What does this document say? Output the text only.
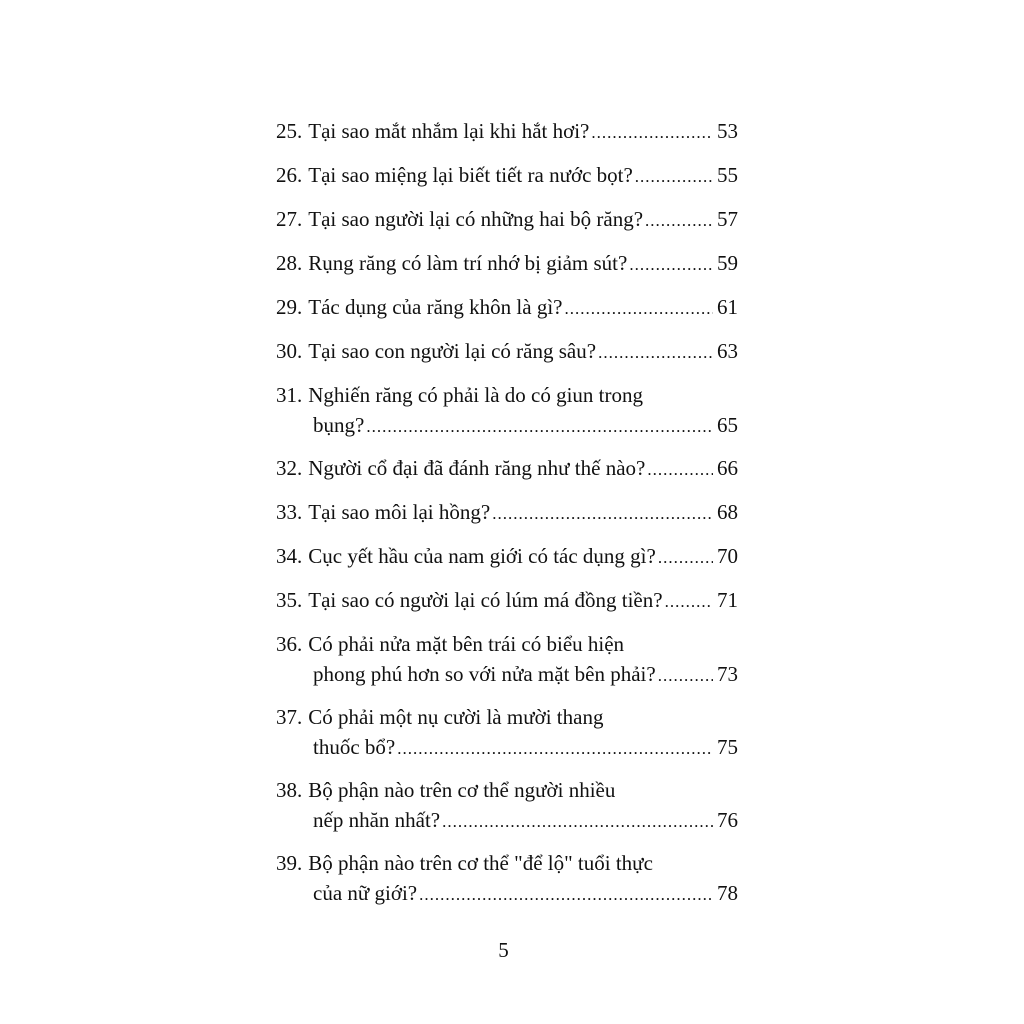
25. Tại sao mắt nhắm lại khi hắt hơi? .....	53
26. Tại sao miệng lại biết tiết ra nước bọt? .....	55
27. Tại sao người lại có những hai bộ răng? .....	57
28. Rụng răng có làm trí nhớ bị giảm sút? .....	59
29. Tác dụng của răng khôn là gì? .....	61
30. Tại sao con người lại có răng sâu? .....	63
31. Nghiến răng có phải là do có giun trong
bụng? .....	65
32. Người cổ đại đã đánh răng như thế nào? .....	66
33. Tại sao môi lại hồng? .....	68
34. Cục yết hầu của nam giới có tác dụng gì? .....	70
35. Tại sao có người lại có lúm má đồng tiền? .....	71
36. Có phải nửa mặt bên trái có biểu hiện
phong phú hơn so với nửa mặt bên phải? .....	73
37. Có phải một nụ cười là mười thang
thuốc bổ? .....	75
38. Bộ phận nào trên cơ thể người nhiều
nếp nhăn nhất? .....	76
39. Bộ phận nào trên cơ thể "để lộ" tuổi thực
của nữ giới? .....	78
5
